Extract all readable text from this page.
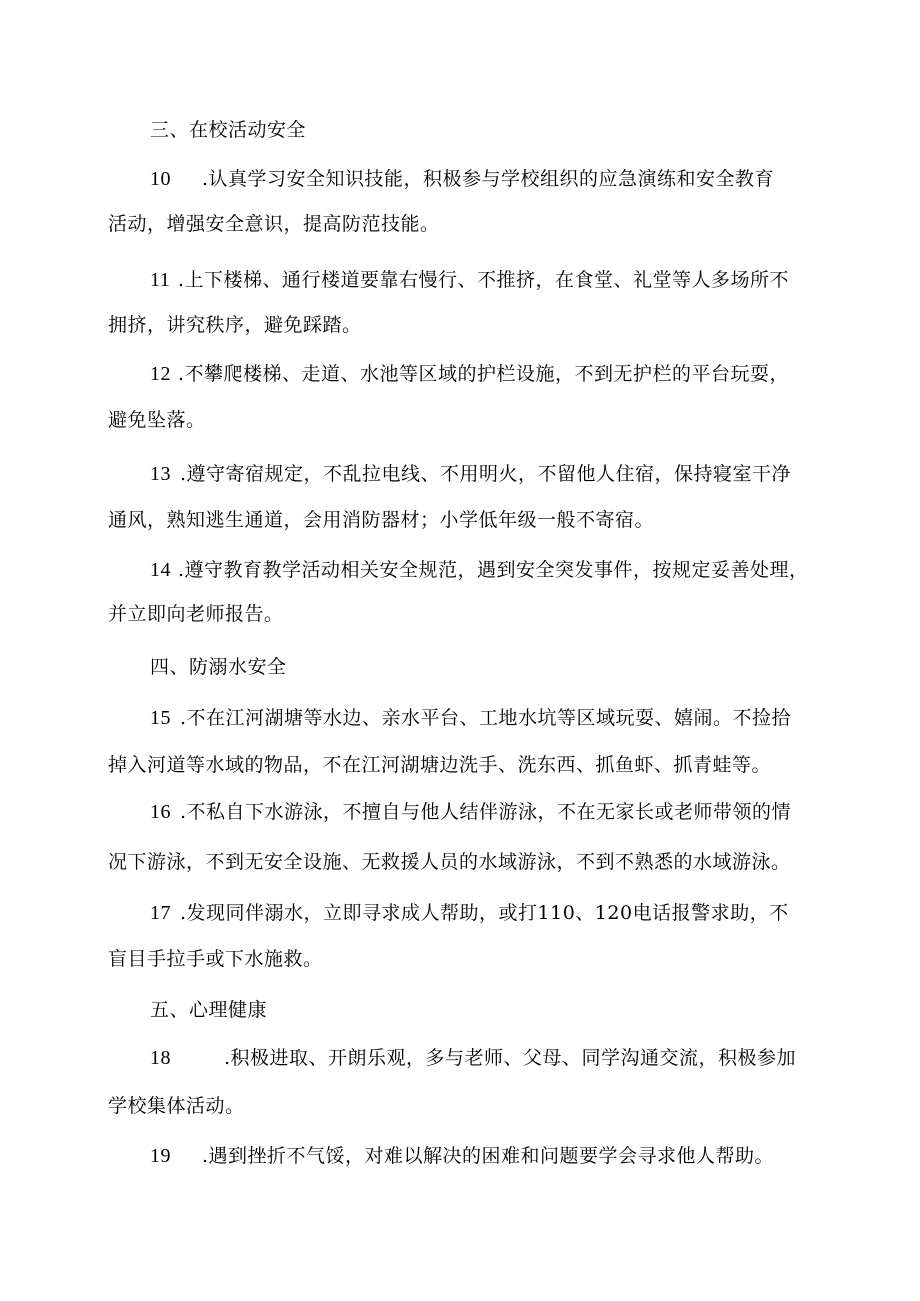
三、在校活动安全
10 .认真学习安全知识技能，积极参与学校组织的应急演练和安全教育
活动，增强安全意识，提高防范技能。
11 .上下楼梯、通行楼道要靠右慢行、不推挤，在食堂、礼堂等人多场所不
拥挤，讲究秩序，避免踩踏。
12 .不攀爬楼梯、走道、水池等区域的护栏设施，不到无护栏的平台玩耍，
避免坠落。
13 .遵守寄宿规定，不乱拉电线、不用明火，不留他人住宿，保持寝室干净
通风，熟知逃生通道，会用消防器材；小学低年级一般不寄宿。
14 .遵守教育教学活动相关安全规范，遇到安全突发事件，按规定妥善处理，
并立即向老师报告。
四、防溺水安全
15 .不在江河湖塘等水边、亲水平台、工地水坑等区域玩耍、嬉闹。不捡拾
掉入河道等水域的物品，不在江河湖塘边洗手、洗东西、抓鱼虾、抓青蛙等。
16 .不私自下水游泳，不擅自与他人结伴游泳，不在无家长或老师带领的情
况下游泳，不到无安全设施、无救援人员的水域游泳，不到不熟悉的水域游泳。
17 .发现同伴溺水，立即寻求成人帮助，或打110、120电话报警求助，不
盲目手拉手或下水施救。
五、心理健康
18	.积极进取、开朗乐观，多与老师、父母、同学沟通交流，积极参加
学校集体活动。
19 .遇到挫折不气馁，对难以解决的困难和问题要学会寻求他人帮助。
